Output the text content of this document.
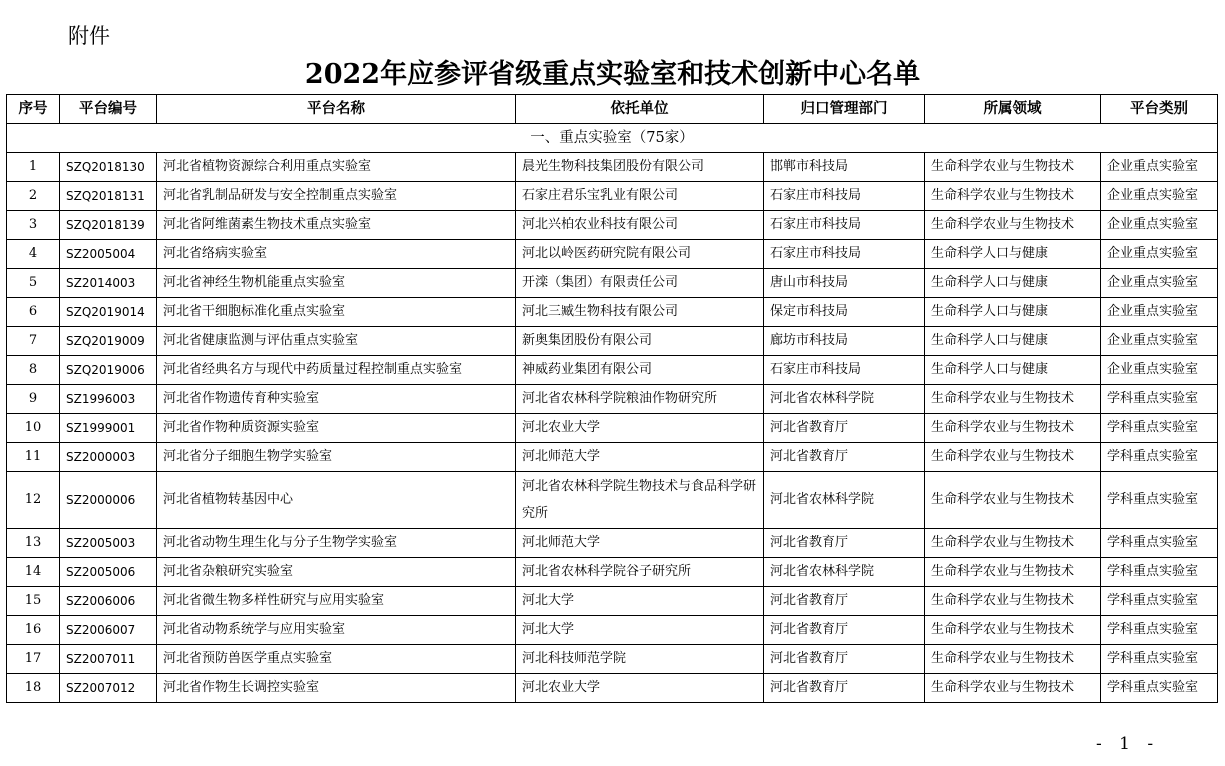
附件
2022年应参评省级重点实验室和技术创新中心名单
序号	平台编号	平台名称	依托单位	归口管理部门	所属领域	平台类别
一、重点实验室（75家）						
1	SZQ2018130	河北省植物资源综合利用重点实验室	晨光生物科技集团股份有限公司	邯郸市科技局	生命科学农业与生物技术	企业重点实验室
2	SZQ2018131	河北省乳制品研发与安全控制重点实验室	石家庄君乐宝乳业有限公司	石家庄市科技局	生命科学农业与生物技术	企业重点实验室
3	SZQ2018139	河北省阿维菌素生物技术重点实验室	河北兴柏农业科技有限公司	石家庄市科技局	生命科学农业与生物技术	企业重点实验室
4	SZ2005004	河北省络病实验室	河北以岭医药研究院有限公司	石家庄市科技局	生命科学人口与健康	企业重点实验室
5	SZ2014003	河北省神经生物机能重点实验室	开滦（集团）有限责任公司	唐山市科技局	生命科学人口与健康	企业重点实验室
6	SZQ2019014	河北省干细胞标准化重点实验室	河北三臧生物科技有限公司	保定市科技局	生命科学人口与健康	企业重点实验室
7	SZQ2019009	河北省健康监测与评估重点实验室	新奥集团股份有限公司	廊坊市科技局	生命科学人口与健康	企业重点实验室
8	SZQ2019006	河北省经典名方与现代中药质量过程控制重点实验室	神威药业集团有限公司	石家庄市科技局	生命科学人口与健康	企业重点实验室
9	SZ1996003	河北省作物遗传育种实验室	河北省农林科学院粮油作物研究所	河北省农林科学院	生命科学农业与生物技术	学科重点实验室
10	SZ1999001	河北省作物种质资源实验室	河北农业大学	河北省教育厅	生命科学农业与生物技术	学科重点实验室
11	SZ2000003	河北省分子细胞生物学实验室	河北师范大学	河北省教育厅	生命科学农业与生物技术	学科重点实验室
12	SZ2000006	河北省植物转基因中心	河北省农林科学院生物技术与食品科学研究所	河北省农林科学院	生命科学农业与生物技术	学科重点实验室
13	SZ2005003	河北省动物生理生化与分子生物学实验室	河北师范大学	河北省教育厅	生命科学农业与生物技术	学科重点实验室
14	SZ2005006	河北省杂粮研究实验室	河北省农林科学院谷子研究所	河北省农林科学院	生命科学农业与生物技术	学科重点实验室
15	SZ2006006	河北省微生物多样性研究与应用实验室	河北大学	河北省教育厅	生命科学农业与生物技术	学科重点实验室
16	SZ2006007	河北省动物系统学与应用实验室	河北大学	河北省教育厅	生命科学农业与生物技术	学科重点实验室
17	SZ2007011	河北省预防兽医学重点实验室	河北科技师范学院	河北省教育厅	生命科学农业与生物技术	学科重点实验室
18	SZ2007012	河北省作物生长调控实验室	河北农业大学	河北省教育厅	生命科学农业与生物技术	学科重点实验室
- 1 -
